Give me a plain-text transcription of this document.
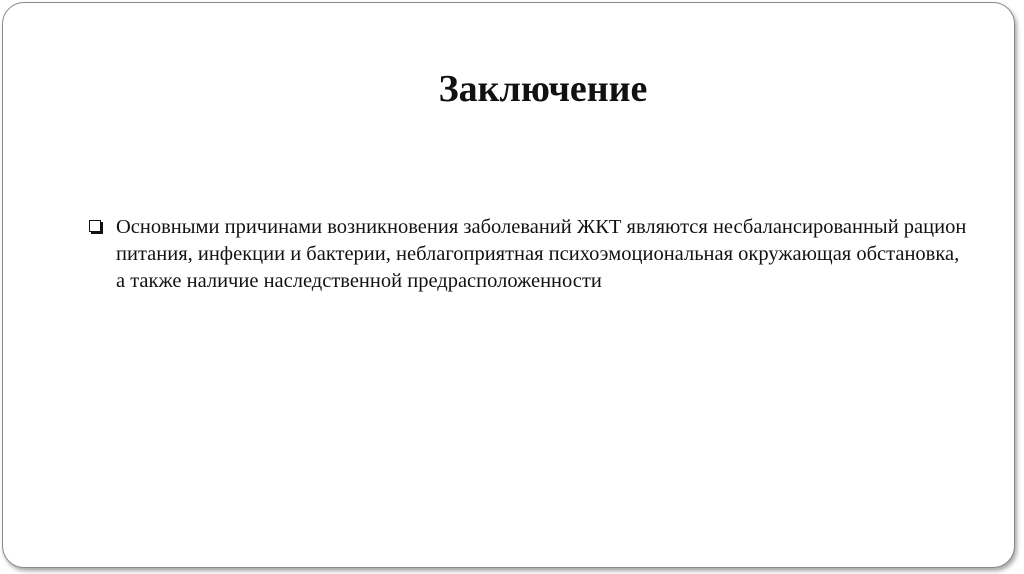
Заключение
Основными причинами возникновения заболеваний ЖКТ являются несбалансированный рацион питания, инфекции и бактерии, неблагоприятная психоэмоциональная окружающая обстановка, а также наличие наследственной предрасположенности
